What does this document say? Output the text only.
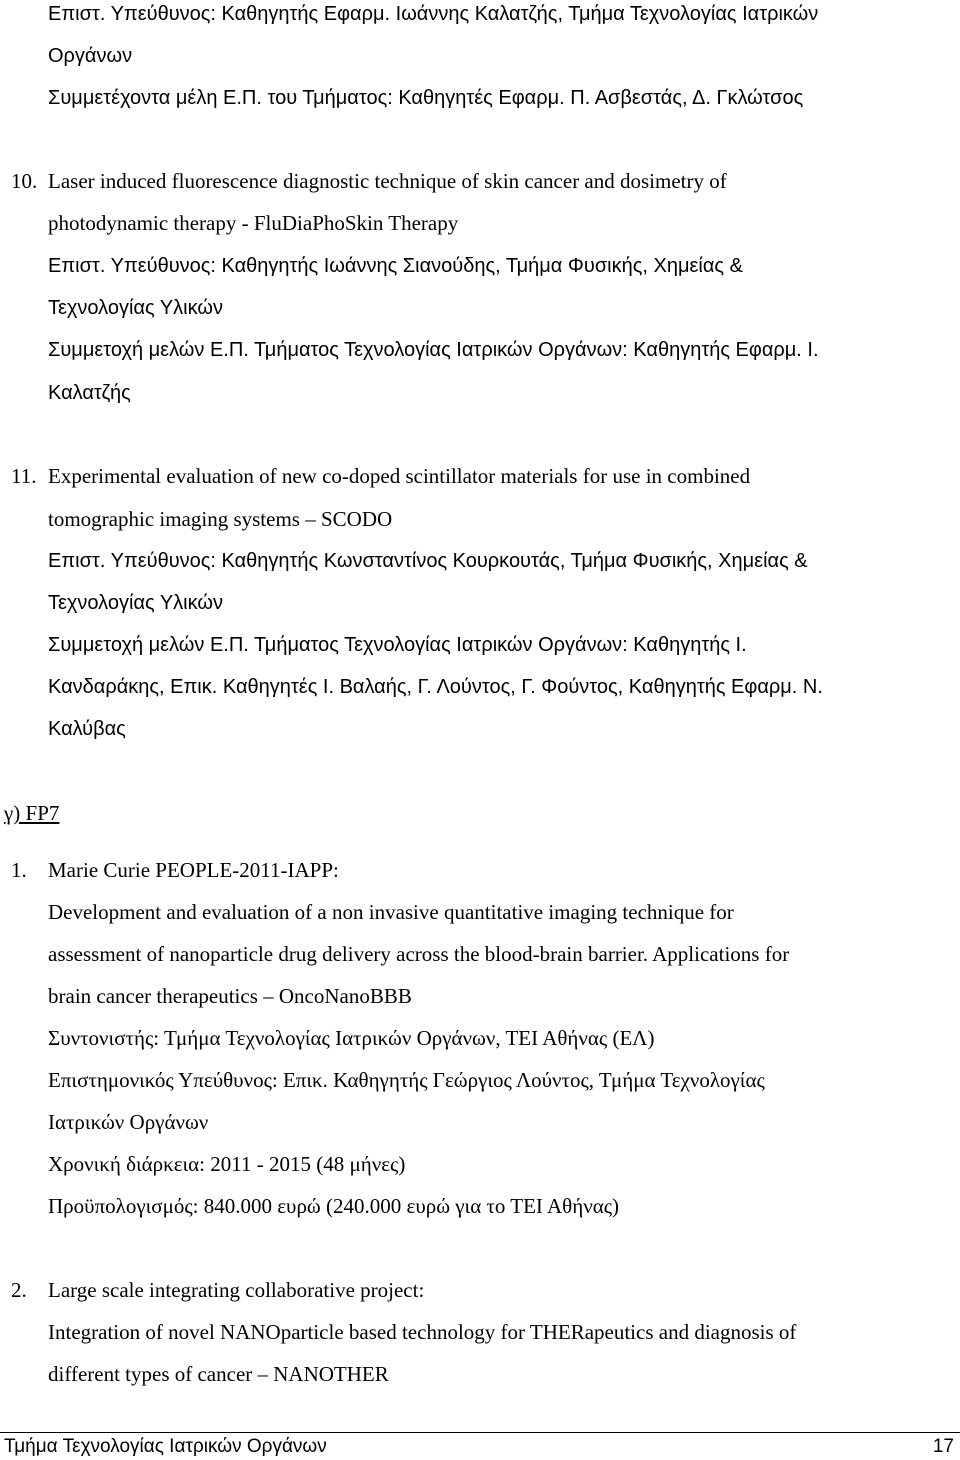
Επιστ. Υπεύθυνος: Καθηγητής Εφαρμ. Ιωάννης Καλατζής, Τμήμα Τεχνολογίας Ιατρικών

Οργάνων

Συμμετέχοντα μέλη Ε.Π. του Τμήματος: Καθηγητές Εφαρμ. Π. Ασβεστάς, Δ. Γκλώτσος

10. Laser induced fluorescence diagnostic technique of skin cancer and dosimetry of

photodynamic therapy - FluDiaPhoSkin Therapy

Επιστ. Υπεύθυνος: Καθηγητής Ιωάννης Σιανούδης, Τμήμα Φυσικής, Χημείας &

Τεχνολογίας Υλικών

Συμμετοχή μελών Ε.Π. Τμήματος Τεχνολογίας Ιατρικών Οργάνων: Καθηγητής Εφαρμ. Ι.

Καλατζής

11. Experimental evaluation of new co-doped scintillator materials for use in combined

tomographic imaging systems – SCODO

Επιστ. Υπεύθυνος: Καθηγητής Κωνσταντίνος Κουρκουτάς, Τμήμα Φυσικής, Χημείας &

Τεχνολογίας Υλικών

Συμμετοχή μελών Ε.Π. Τμήματος Τεχνολογίας Ιατρικών Οργάνων: Καθηγητής Ι.

Κανδαράκης, Επικ. Καθηγητές Ι. Βαλαής, Γ. Λούντος, Γ. Φούντος, Καθηγητής Εφαρμ. Ν.

Καλύβας

γ) FP7
1. Marie Curie PEOPLE-2011-IAPP:

Development and evaluation of a non invasive quantitative imaging technique for

assessment of nanoparticle drug delivery across the blood-brain barrier. Applications for

brain cancer therapeutics – OncoNanoBBB

Συντονιστής: Τμήμα Τεχνολογίας Ιατρικών Οργάνων, ΤΕΙ Αθήνας (ΕΛ)

Επιστημονικός Υπεύθυνος: Επικ. Καθηγητής Γεώργιος Λούντος, Τμήμα Τεχνολογίας

Ιατρικών Οργάνων

Χρονική διάρκεια: 2011 - 2015 (48 μήνες)

Προϋπολογισμός: 840.000 ευρώ (240.000 ευρώ για το ΤΕΙ Αθήνας)

2. Large scale integrating collaborative project:

Integration of novel NANOparticle based technology for THERapeutics and diagnosis of

different types of cancer – NANOTHER

Τμήμα Τεχνολογίας Ιατρικών Οργάνων	17
